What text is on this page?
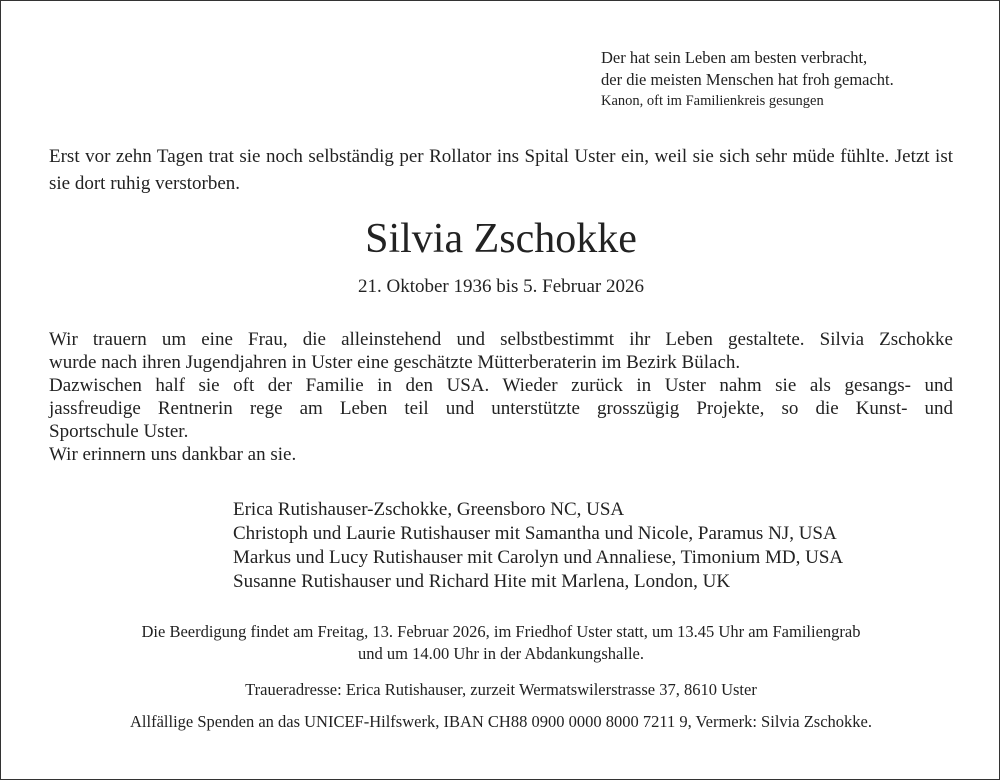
Der hat sein Leben am besten verbracht,
der die meisten Menschen hat froh gemacht.
Kanon, oft im Familienkreis gesungen
Erst vor zehn Tagen trat sie noch selbständig per Rollator ins Spital Uster ein, weil sie sich sehr müde fühlte. Jetzt ist sie dort ruhig verstorben.
Silvia Zschokke
21. Oktober 1936 bis 5. Februar 2026
Wir trauern um eine Frau, die alleinstehend und selbstbestimmt ihr Leben gestaltete. Silvia Zschokke
wurde nach ihren Jugendjahren in Uster eine geschätzte Mütterberaterin im Bezirk Bülach.
Dazwischen half sie oft der Familie in den USA. Wieder zurück in Uster nahm sie als gesangs- und
jassfreudige Rentnerin rege am Leben teil und unterstützte grosszügig Projekte, so die Kunst- und
Sportschule Uster.
Wir erinnern uns dankbar an sie.
Erica Rutishauser-Zschokke, Greensboro NC, USA
Christoph und Laurie Rutishauser mit Samantha und Nicole, Paramus NJ, USA
Markus und Lucy Rutishauser mit Carolyn und Annaliese, Timonium MD, USA
Susanne Rutishauser und Richard Hite mit Marlena, London, UK
Die Beerdigung findet am Freitag, 13. Februar 2026, im Friedhof Uster statt, um 13.45 Uhr am Familiengrab
und um 14.00 Uhr in der Abdankungshalle.
Traueradresse: Erica Rutishauser, zurzeit Wermatswilerstrasse 37, 8610 Uster
Allfällige Spenden an das UNICEF-Hilfswerk, IBAN CH88 0900 0000 8000 7211 9, Vermerk: Silvia Zschokke.
